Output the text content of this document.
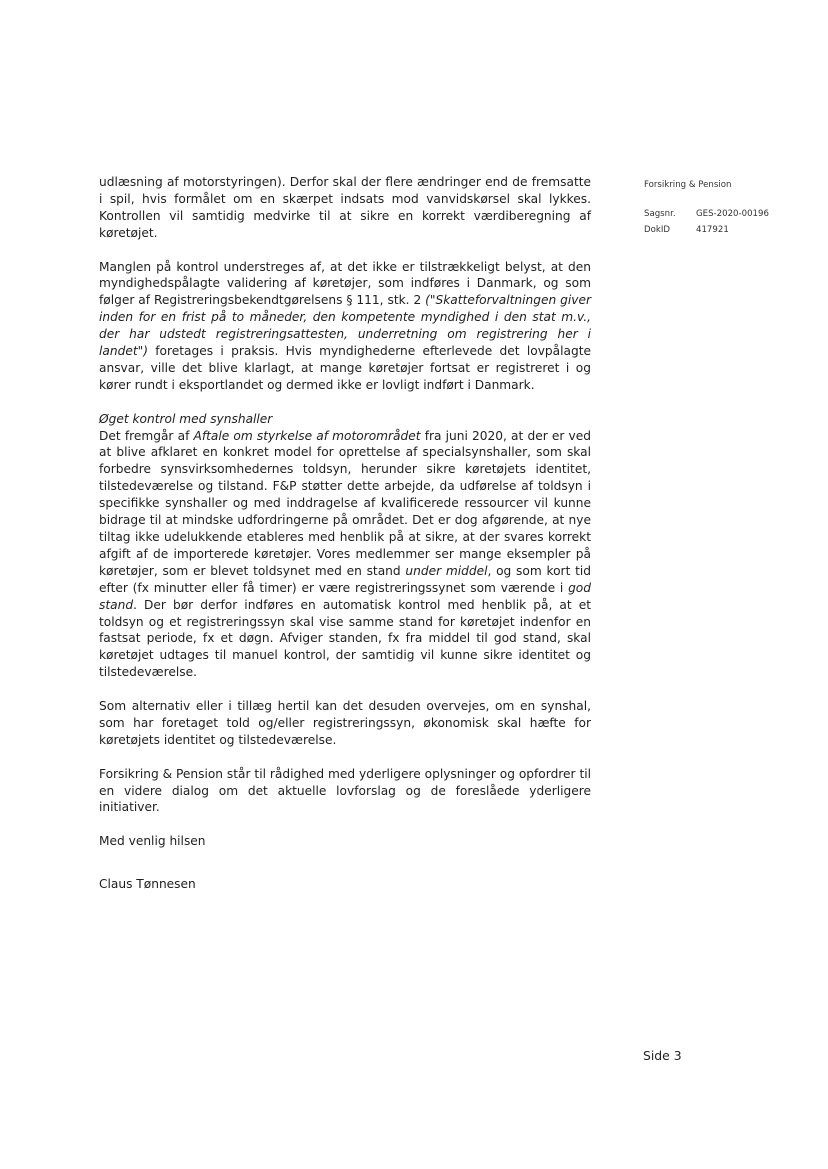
Forsikring & Pension
Sagsnr.	GES-2020-00196
DokID	417921

udlæsning af motorstyringen). Derfor skal der flere ændringer end de fremsatte i spil, hvis formålet om en skærpet indsats mod vanvidskørsel skal lykkes. Kontrollen vil samtidig medvirke til at sikre en korrekt værdiberegning af køretøjet.

Manglen på kontrol understreges af, at det ikke er tilstrækkeligt belyst, at den myndighedspålagte validering af køretøjer, som indføres i Danmark, og som følger af Registreringsbekendtgørelsens § 111, stk. 2 ("Skatteforvaltningen giver inden for en frist på to måneder, den kompetente myndighed i den stat m.v., der har udstedt registreringsattesten, underretning om registrering her i landet") foretages i praksis. Hvis myndighederne efterlevede det lovpålagte ansvar, ville det blive klarlagt, at mange køretøjer fortsat er registreret i og kører rundt i eksportlandet og dermed ikke er lovligt indført i Danmark.

Øget kontrol med synshaller

Det fremgår af Aftale om styrkelse af motorområdet fra juni 2020, at der er ved at blive afklaret en konkret model for oprettelse af specialsynshaller, som skal forbedre synsvirksomhedernes toldsyn, herunder sikre køretøjets identitet, tilstedeværelse og tilstand. F&P støtter dette arbejde, da udførelse af toldsyn i specifikke synshaller og med inddragelse af kvalificerede ressourcer vil kunne bidrage til at mindske udfordringerne på området. Det er dog afgørende, at nye tiltag ikke udelukkende etableres med henblik på at sikre, at der svares korrekt afgift af de importerede køretøjer. Vores medlemmer ser mange eksempler på køretøjer, som er blevet toldsynet med en stand under middel, og som kort tid efter (fx minutter eller få timer) er være registreringssynet som værende i god stand. Der bør derfor indføres en automatisk kontrol med henblik på, at et toldsyn og et registreringssyn skal vise samme stand for køretøjet indenfor en fastsat periode, fx et døgn. Afviger standen, fx fra middel til god stand, skal køretøjet udtages til manuel kontrol, der samtidig vil kunne sikre identitet og tilstedeværelse.

Som alternativ eller i tillæg hertil kan det desuden overvejes, om en synshal, som har foretaget told og/eller registreringssyn, økonomisk skal hæfte for køretøjets identitet og tilstedeværelse.

Forsikring & Pension står til rådighed med yderligere oplysninger og opfordrer til en videre dialog om det aktuelle lovforslag og de foreslåede yderligere initiativer.

Med venlig hilsen
Claus Tønnesen
Side 3
